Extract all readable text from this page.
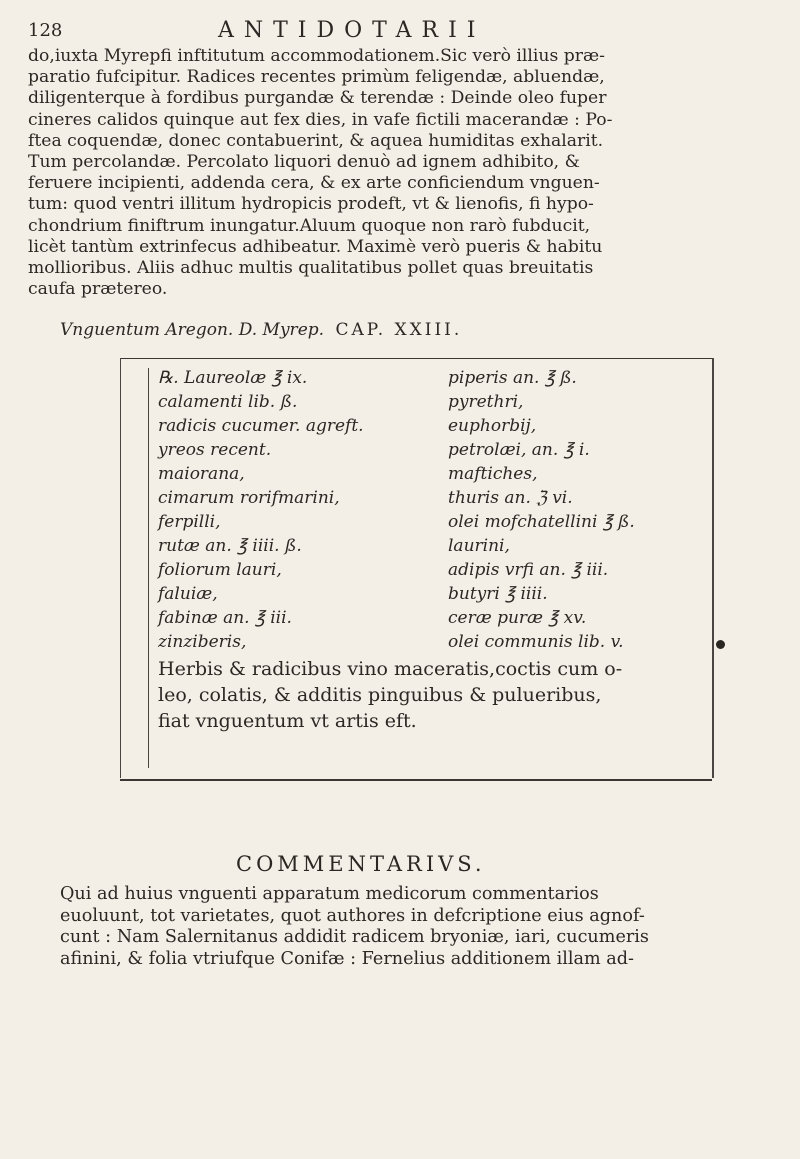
128	ANTIDOTARII

do,iuxta Myrepfi inftitutum accommodationem.Sic verò illius præ-
paratio fufcipitur. Radices recentes primùm feligendæ, abluendæ,
diligenterque à fordibus purgandæ & terendæ : Deinde oleo fuper
cineres calidos quinque aut fex dies, in vafe fictili macerandæ : Po-
ftea coquendæ, donec contabuerint, & aquea humiditas exhalarit.
Tum percolandæ. Percolato liquori denuò ad ignem adhibito, &
feruere incipienti, addenda cera, & ex arte conficiendum vnguen-
tum: quod ventri illitum hydropicis prodeft, vt & lienofis, fi hypo-
chondrium finiftrum inungatur.Aluum quoque non rarò fubducit,
licèt tantùm extrinfecus adhibeatur. Maximè verò pueris & habitu
mollioribus. Aliis adhuc multis qualitatibus pollet quas breuitatis
caufa prætereo.

Vnguentum Aregon. D. Myrep. CAP. XXIII.
℞. Laureolæ ℥ ix.	piperis an. ℥ ß.
calamenti lib. ß.	pyrethri,
radicis cucumer. agreft.	euphorbij,
yreos recent.	petrolæi, an. ℥ i.
maiorana,	maftiches,
cimarum rorifmarini,	thuris an. ℨ vi.
ferpilli,	olei mofchatellini ℥ ß.
rutæ an. ℥ iiii. ß.	laurini,
foliorum lauri,	adipis vrfi an. ℥ iii.
faluiæ,	butyri ℥ iiii.
fabinæ an. ℥ iii.	ceræ puræ ℥ xv.
zinziberis,	olei communis lib. v.

Herbis & radicibus vino maceratis,coctis cum o-
leo, colatis, & additis pinguibus & pulueribus,
fiat vnguentum vt artis eft.

COMMENTARIVS.

Qui ad huius vnguenti apparatum medicorum commentarios
euoluunt, tot varietates, quot authores in defcriptione eius agnof-
cunt : Nam Salernitanus addidit radicem bryoniæ, iari, cucumeris
afinini, & folia vtriufque Conifæ : Fernelius additionem illam ad-
